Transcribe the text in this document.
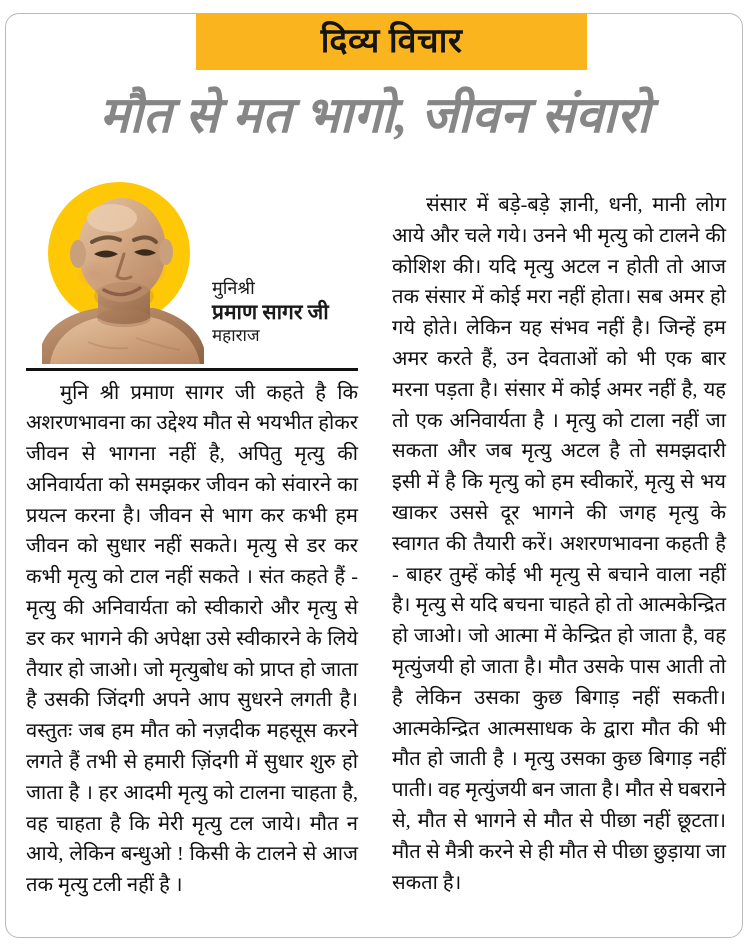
दिव्य विचार
मौत से मत भागो, जीवन संवारो
मुनिश्री
प्रमाण सागर जी
महाराज

मुनि श्री प्रमाण सागर जी कहते है कि अशरणभावना का उद्देश्य मौत से भयभीत होकर जीवन से भागना नहीं है, अपितु मृत्यु की अनिवार्यता को समझकर जीवन को संवारने का प्रयत्न करना है। जीवन से भाग कर कभी हम जीवन को सुधार नहीं सकते। मृत्यु से डर कर कभी मृत्यु को टाल नहीं सकते । संत कहते हैं - मृत्यु की अनिवार्यता को स्वीकारो और मृत्यु से डर कर भागने की अपेक्षा उसे स्वीकारने के लिये तैयार हो जाओ। जो मृत्युबोध को प्राप्त हो जाता है उसकी जिंदगी अपने आप सुधरने लगती है। वस्तुतः जब हम मौत को नज़दीक महसूस करने लगते हैं तभी से हमारी ज़िंदगी में सुधार शुरु हो जाता है । हर आदमी मृत्यु को टालना चाहता है, वह चाहता है कि मेरी मृत्यु टल जाये। मौत न आये, लेकिन बन्धुओ ! किसी के टालने से आज तक मृत्यु टली नहीं है ।

संसार में बड़े-बड़े ज्ञानी, धनी, मानी लोग आये और चले गये। उनने भी मृत्यु को टालने की कोशिश की। यदि मृत्यु अटल न होती तो आज तक संसार में कोई मरा नहीं होता। सब अमर हो गये होते। लेकिन यह संभव नहीं है। जिन्हें हम अमर करते हैं, उन देवताओं को भी एक बार मरना पड़ता है। संसार में कोई अमर नहीं है, यह तो एक अनिवार्यता है । मृत्यु को टाला नहीं जा सकता और जब मृत्यु अटल है तो समझदारी इसी में है कि मृत्यु को हम स्वीकारें, मृत्यु से भय खाकर उससे दूर भागने की जगह मृत्यु के स्वागत की तैयारी करें। अशरणभावना कहती है - बाहर तुम्हें कोई भी मृत्यु से बचाने वाला नहीं है। मृत्यु से यदि बचना चाहते हो तो आत्मकेन्द्रित हो जाओ। जो आत्मा में केन्द्रित हो जाता है, वह मृत्युंजयी हो जाता है। मौत उसके पास आती तो है लेकिन उसका कुछ बिगाड़ नहीं सकती। आत्मकेन्द्रित आत्मसाधक के द्वारा मौत की भी मौत हो जाती है । मृत्यु उसका कुछ बिगाड़ नहीं पाती। वह मृत्युंजयी बन जाता है। मौत से घबराने से, मौत से भागने से मौत से पीछा नहीं छूटता। मौत से मैत्री करने से ही मौत से पीछा छुड़ाया जा सकता है।
